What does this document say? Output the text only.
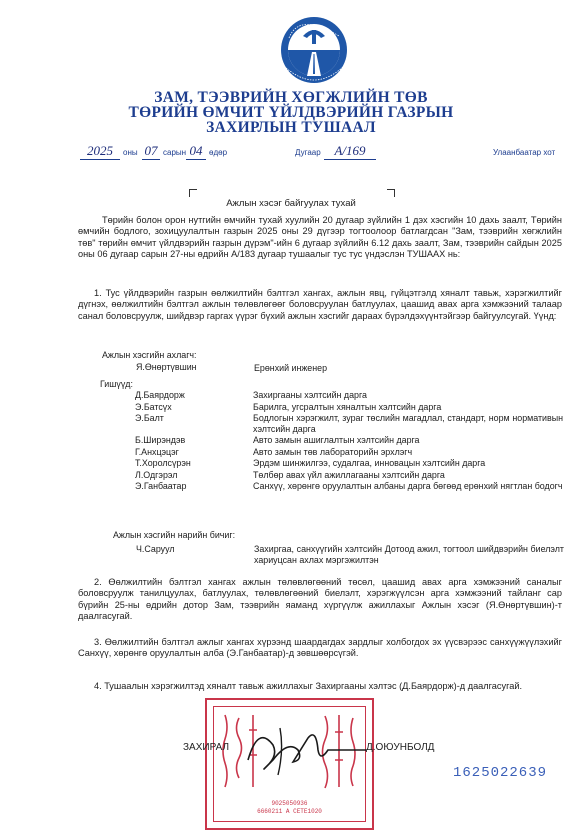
ЗАМ, ТЭЭВРИЙН ХӨГЖЛИЙН ТӨВ
ТӨРИЙН ӨМЧИТ ҮЙЛДВЭРИЙН ГАЗРЫН
ЗАХИРЛЫН ТУШААЛ
2025	оны 07 сарын 04 өдөр	Дугаар	А/169	Улаанбаатар хот
Ажлын хэсэг байгуулах тухай
Төрийн болон орон нутгийн өмчийн тухай хуулийн 20 дугаар зүйлийн 1 дэх хэсгийн 10 дахь заалт, Төрийн өмчийн бодлого, зохицуулалтын газрын 2025 оны 29 дүгээр тогтоолоор батлагдсан "Зам, тээврийн хөгжлийн төв" төрийн өмчит үйлдвэрийн газрын дүрэм"-ийн 6 дугаар зүйлийн 6.12 дахь заалт, Зам, тээврийн сайдын 2025 оны 06 дугаар сарын 27-ны өдрийн А/183 дугаар тушаалыг тус тус үндэслэн ТУШААХ нь:
1. Тус үйлдвэрийн газрын өөлжилтийн бэлтгэл хангах, ажлын явц, гүйцэтгэлд хяналт тавьж, хэрэгжилтийг дүгнэх, өөлжилтийн бэлтгэл ажлын төлөвлөгөөг боловсруулан батлуулах, цаашид авах арга хэмжээний талаар санал боловсруулж, шийдвэр гаргах үүрэг бүхий ажлын хэсгийг дараах бүрэлдэхүүнтэйгээр байгуулсугай. Үүнд:
Ажлын хэсгийн ахлагч:
Я.Өнөртүвшин	Ерөнхий инженер
Гишүүд:
Д.Баярдорж	Захиргааны хэлтсийн дарга
Э.Батсүх	Барилга, угсралтын хяналтын хэлтсийн дарга
Э.Балт	Бодлогын хэрэгжилт, зураг төслийн магадлал, стандарт, норм нормативын хэлтсийн дарга
Б.Ширэндэв	Авто замын ашиглалтын хэлтсийн дарга
Г.Анхцэцэг	Авто замын төв лабораторийн эрхлэгч
Т.Хоролсүрэн	Эрдэм шинжилгээ, судалгаа, инновацын хэлтсийн дарга
Л.Одгэрэл	Төлбөр авах үйл ажиллагааны хэлтсийн дарга
Э.Ганбаатар	Санхүү, хөрөнгө оруулалтын албаны дарга бөгөөд ерөнхий нягтлан бодогч
Ажлын хэсгийн нарийн бичиг:
Ч.Саруул	Захиргаа, санхүүгийн хэлтсийн Дотоод ажил, тогтоол шийдвэрийн биелэлт хариуцсан ахлах мэргэжилтэн
2. Өөлжилтийн бэлтгэл хангах ажлын төлөвлөгөөний төсөл, цаашид авах арга хэмжээний саналыг боловсруулж танилцуулах, батлуулах, төлөвлөгөөний биелэлт, хэрэгжүүлсэн арга хэмжээний тайланг сар бүрийн 25-ны өдрийн дотор Зам, тээврийн яаманд хүргүүлж ажиллахыг Ажлын хэсэг (Я.Өнөртүвшин)-т даалгасугай.
3. Өөлжилтийн бэлтгэл ажлыг хангах хүрээнд шаардагдах зардлыг холбогдох эх үүсвэрээс санхүүжүүлэхийг Санхүү, хөрөнгө оруулалтын алба (Э.Ганбаатар)-д зөвшөөрсүгэй.
4. Тушаалын хэрэгжилтэд хяналт тавьж ажиллахыг Захиргааны хэлтэс (Д.Баярдорж)-д даалгасугай.
9025050936
6660211 А СЕТЕ1020
ЗАХИРАЛ	Д.ОЮУНБОЛД
1625022639
